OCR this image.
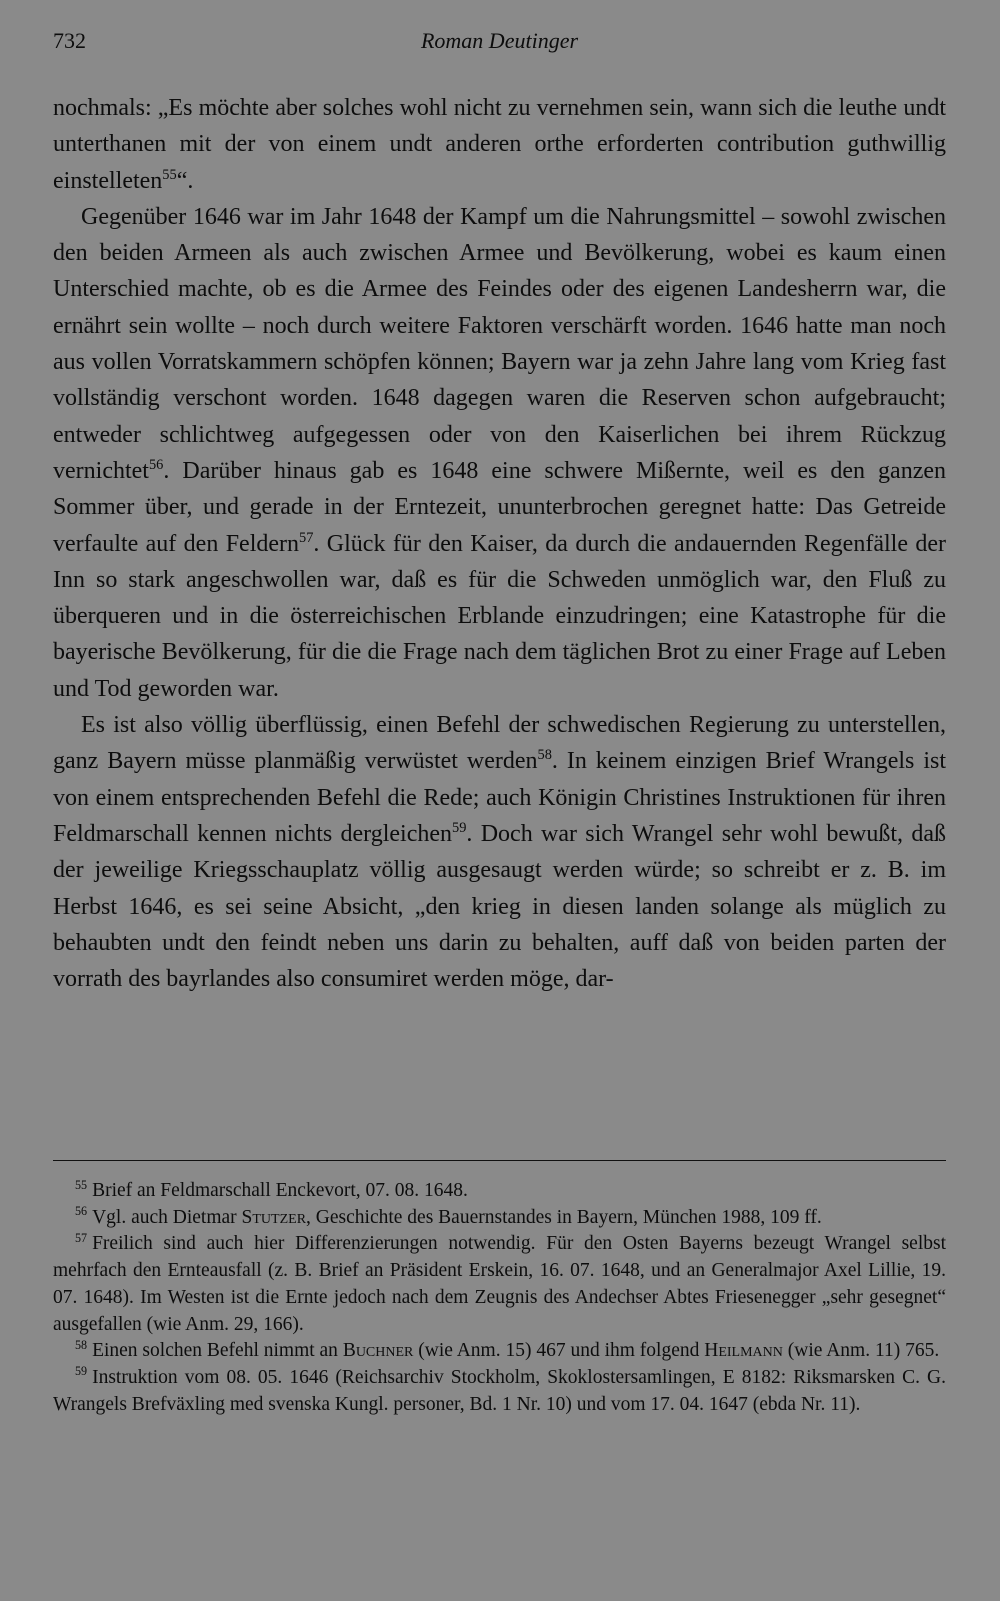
732	Roman Deutinger

nochmals: „Es möchte aber solches wohl nicht zu vernehmen sein, wann sich die leuthe undt unterthanen mit der von einem undt anderen orthe erforderten contribution guthwillig einstelleten$^{55}$“.

Gegenüber 1646 war im Jahr 1648 der Kampf um die Nahrungsmittel – sowohl zwischen den beiden Armeen als auch zwischen Armee und Bevölkerung, wobei es kaum einen Unterschied machte, ob es die Armee des Feindes oder des eigenen Landesherrn war, die ernährt sein wollte – noch durch weitere Faktoren verschärft worden. 1646 hatte man noch aus vollen Vorratskammern schöpfen können; Bayern war ja zehn Jahre lang vom Krieg fast vollständig verschont worden. 1648 dagegen waren die Reserven schon aufgebraucht; entweder schlichtweg aufgegessen oder von den Kaiserlichen bei ihrem Rückzug vernichtet$^{56}$. Darüber hinaus gab es 1648 eine schwere Mißernte, weil es den ganzen Sommer über, und gerade in der Erntezeit, ununterbrochen geregnet hatte: Das Getreide verfaulte auf den Feldern$^{57}$. Glück für den Kaiser, da durch die andauernden Regenfälle der Inn so stark angeschwollen war, daß es für die Schweden unmöglich war, den Fluß zu überqueren und in die österreichischen Erblande einzudringen; eine Katastrophe für die bayerische Bevölkerung, für die die Frage nach dem täglichen Brot zu einer Frage auf Leben und Tod geworden war.

Es ist also völlig überflüssig, einen Befehl der schwedischen Regierung zu unterstellen, ganz Bayern müsse planmäßig verwüstet werden$^{58}$. In keinem einzigen Brief Wrangels ist von einem entsprechenden Befehl die Rede; auch Königin Christines Instruktionen für ihren Feldmarschall kennen nichts dergleichen$^{59}$. Doch war sich Wrangel sehr wohl bewußt, daß der jeweilige Kriegsschauplatz völlig ausgesaugt werden würde; so schreibt er z. B. im Herbst 1646, es sei seine Absicht, „den krieg in diesen landen solange als müglich zu behaubten undt den feindt neben uns darin zu behalten, auff daß von beiden parten der vorrath des bayrlandes also consumiret werden möge, dar-

$^{55}$ Brief an Feldmarschall Enckevort, 07. 08. 1648.

$^{56}$ Vgl. auch Dietmar Stutzer, Geschichte des Bauernstandes in Bayern, München 1988, 109 ff.

$^{57}$ Freilich sind auch hier Differenzierungen notwendig. Für den Osten Bayerns bezeugt Wrangel selbst mehrfach den Ernteausfall (z. B. Brief an Präsident Erskein, 16. 07. 1648, und an Generalmajor Axel Lillie, 19. 07. 1648). Im Westen ist die Ernte jedoch nach dem Zeugnis des Andechser Abtes Friesenegger „sehr gesegnet“ ausgefallen (wie Anm. 29, 166).

$^{58}$ Einen solchen Befehl nimmt an Buchner (wie Anm. 15) 467 und ihm folgend Heilmann (wie Anm. 11) 765.

$^{59}$ Instruktion vom 08. 05. 1646 (Reichsarchiv Stockholm, Skoklostersamlingen, E 8182: Riksmarsken C. G. Wrangels Brefväxling med svenska Kungl. personer, Bd. 1 Nr. 10) und vom 17. 04. 1647 (ebda Nr. 11).
